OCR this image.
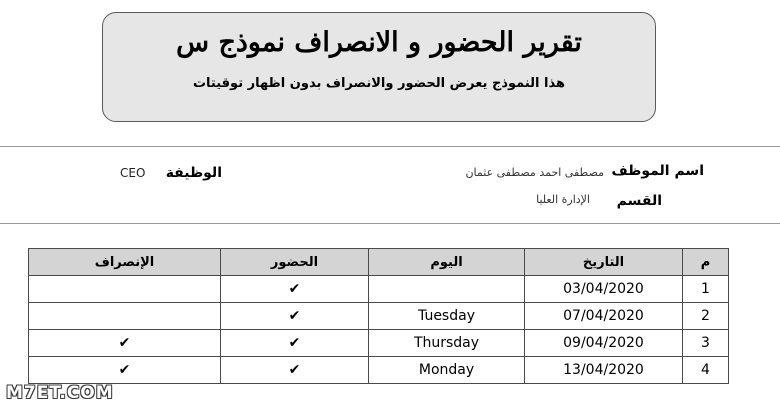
تقرير الحضور و الانصراف نموذج س
هذا النموذج يعرض الحضور والانصراف بدون اظهار توقيتات
اسم الموظف
مصطفى احمد مصطفى عثمان
القسم
الإدارة العليا
الوظيفة
CEO
م	التاريخ	اليوم	الحضور	الإنصراف
1	03/04/2020		✔	
2	07/04/2020	Tuesday	✔	
3	09/04/2020	Thursday	✔	✔
4	13/04/2020	Monday	✔	✔
M7ET.COM
